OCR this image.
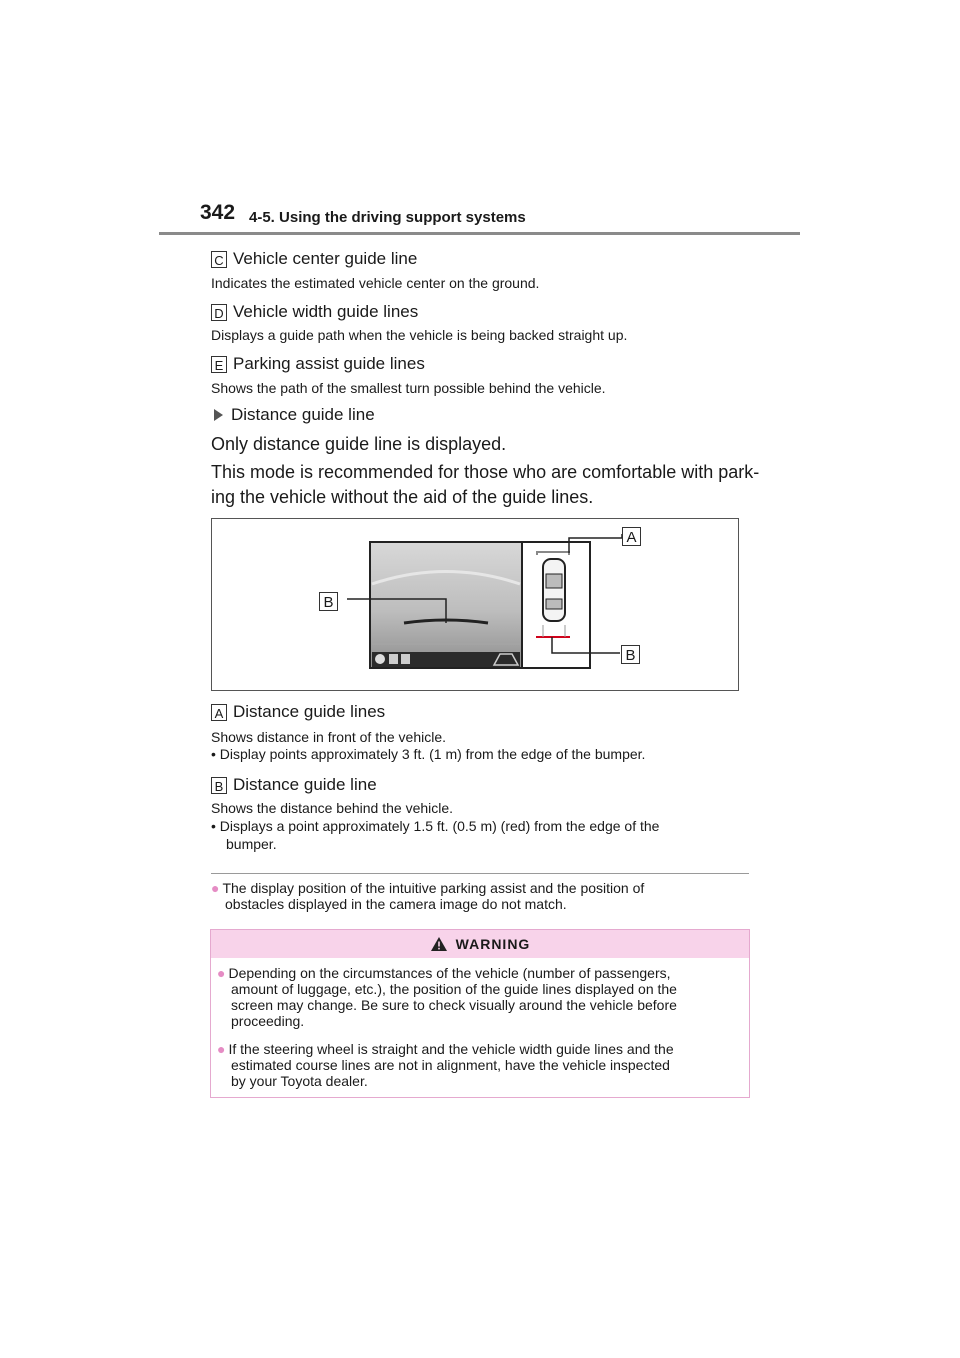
342 4-5. Using the driving support systems
C Vehicle center guide line
Indicates the estimated vehicle center on the ground.
D Vehicle width guide lines
Displays a guide path when the vehicle is being backed straight up.
E Parking assist guide lines
Shows the path of the smallest turn possible behind the vehicle.
Distance guide line
Only distance guide line is displayed.
This mode is recommended for those who are comfortable with park-
ing the vehicle without the aid of the guide lines.
A
B
B
A Distance guide lines
Shows distance in front of the vehicle.
• Display points approximately 3 ft. (1 m) from the edge of the bumper.
B Distance guide line
Shows the distance behind the vehicle.
• Displays a point approximately 1.5 ft. (0.5 m) (red) from the edge of the
bumper.
● The display position of the intuitive parking assist and the position of
obstacles displayed in the camera image do not match.
WARNING
● Depending on the circumstances of the vehicle (number of passengers,
amount of luggage, etc.), the position of the guide lines displayed on the
screen may change. Be sure to check visually around the vehicle before
proceeding.
● If the steering wheel is straight and the vehicle width guide lines and the
estimated course lines are not in alignment, have the vehicle inspected
by your Toyota dealer.
